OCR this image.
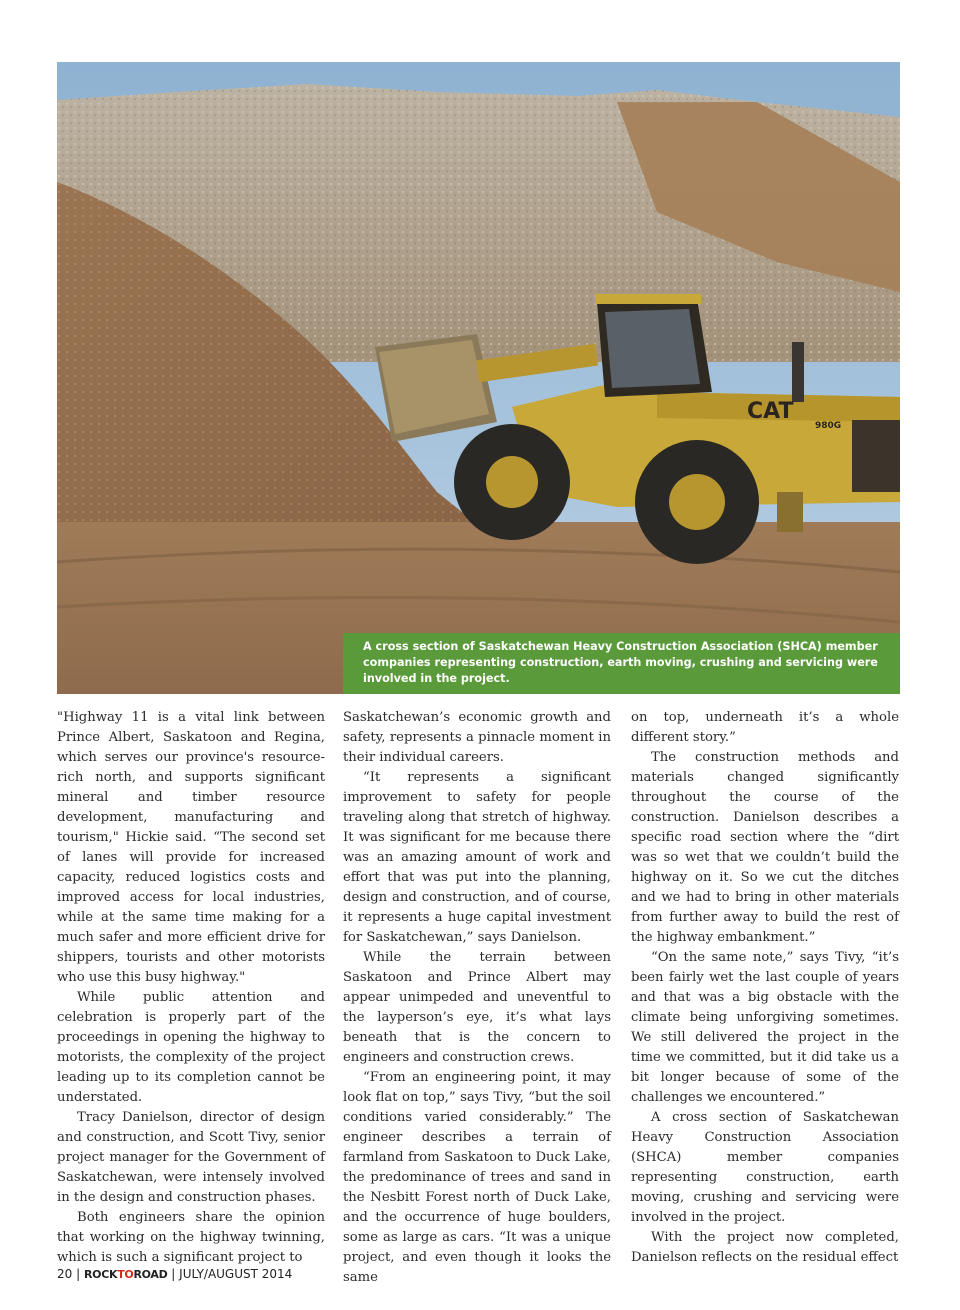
CAT
980G
A cross section of Saskatchewan Heavy Construction Association (SHCA) member companies representing construction, earth moving, crushing and servicing were involved in the project.

"Highway 11 is a vital link between Prince Albert, Saskatoon and Regina, which serves our province's resource-rich north, and supports significant mineral and timber resource development, manufacturing and tourism," Hickie said. “The second set of lanes will provide for increased capacity, reduced logistics costs and improved access for local industries, while at the same time making for a much safer and more efficient drive for shippers, tourists and other motorists who use this busy highway."

While public attention and celebration is properly part of the proceedings in opening the highway to motorists, the complexity of the project leading up to its completion cannot be understated.

Tracy Danielson, director of design and construction, and Scott Tivy, senior project manager for the Government of Saskatchewan, were intensely involved in the design and construction phases.

Both engineers share the opinion that working on the highway twinning, which is such a significant project to

Saskatchewan’s economic growth and safety, represents a pinnacle moment in their individual careers.

“It represents a significant improvement to safety for people traveling along that stretch of highway. It was significant for me because there was an amazing amount of work and effort that was put into the planning, design and construction, and of course, it represents a huge capital investment for Saskatchewan,” says Danielson.

While the terrain between Saskatoon and Prince Albert may appear unimpeded and uneventful to the layperson’s eye, it’s what lays beneath that is the concern to engineers and construction crews.

“From an engineering point, it may look flat on top,” says Tivy, “but the soil conditions varied considerably.” The engineer describes a terrain of farmland from Saskatoon to Duck Lake, the predominance of trees and sand in the Nesbitt Forest north of Duck Lake, and the occurrence of huge boulders, some as large as cars. “It was a unique project, and even though it looks the same

on top, underneath it’s a whole different story.”

The construction methods and materials changed significantly throughout the course of the construction. Danielson describes a specific road section where the “dirt was so wet that we couldn’t build the highway on it. So we cut the ditches and we had to bring in other materials from further away to build the rest of the highway embankment.”

“On the same note,” says Tivy, “it’s been fairly wet the last couple of years and that was a big obstacle with the climate being unforgiving sometimes. We still delivered the project in the time we committed, but it did take us a bit longer because of some of the challenges we encountered.”

A cross section of Saskatchewan Heavy Construction Association (SHCA) member companies representing construction, earth moving, crushing and servicing were involved in the project.

With the project now completed, Danielson reflects on the residual effect

20 | ROCKTOROAD | JULY/AUGUST 2014
